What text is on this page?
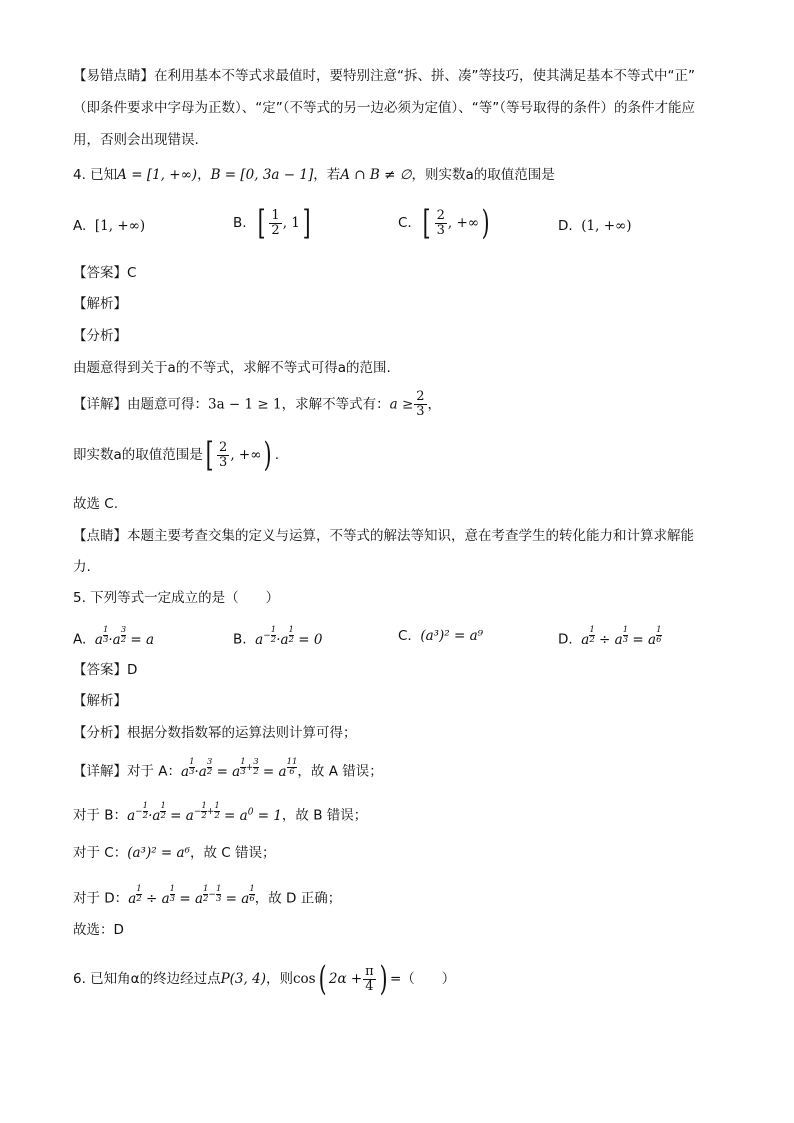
【易错点睛】在利用基本不等式求最值时，要特别注意“拆、拼、凑”等技巧，使其满足基本不等式中“正”
（即条件要求中字母为正数）、“定”（不等式的另一边必须为定值）、“等”（等号取得的条件）的条件才能应
用，否则会出现错误.
4. 已知A = [1, +∞)，B = [0, 3a − 1]，若A ∩ B ≠ ∅，则实数a的取值范围是
A. [1, +∞)	B. [ $\frac{1}{2}$ , 1]	C. [ $\frac{2}{3}$ , +∞)	D. (1, +∞)
【答案】C
【解析】
【分析】
由题意得到关于a的不等式，求解不等式可得a的范围.
【详解】由题意可得：3a − 1 ≥ 1，求解不等式有：$a \ge \frac{2}{3}$ ，
即实数a的取值范围是[ $\frac{2}{3}$ , +∞) .
故选 C.
【点睛】本题主要考查交集的定义与运算，不等式的解法等知识，意在考查学生的转化能力和计算求解能
力.
5. 下列等式一定成立的是（　　）
A. a $^{\frac{1}{3}}$ ·a $^{\frac{3}{2}}$ = a	B. $a^{- \frac{1}{2}} \cdot a$ $^{\frac{1}{2}}$ = 0	C. (a³)² = a⁹	D. a $^{\frac{1}{2}}$ ÷ a $^{\frac{1}{3}}$ = a $^{\frac{1}{6}}$
【答案】D
【解析】
【分析】根据分数指数幂的运算法则计算可得；
【详解】对于 A：a $^{\frac{1}{3}}$ ·a $^{\frac{3}{2}}$ = a $^{\frac{1}{3} + \frac{3}{2}}$ = a $^{\frac{11}{6}}$ ，故 A 错误；
对于 B：$a^{- \frac{1}{2}} \cdot a$ $^{\frac{1}{2}} = a^{- \frac{1}{2} + \frac{1}{2}} = a^0 = 1$，故 B 错误；
对于 C：(a³)² = a⁶，故 C 错误；
对于 D：a $^{\frac{1}{2}}$ ÷ a $^{\frac{1}{3}}$ = a $^{\frac{1}{2} - \frac{1}{3}}$ = a $^{\frac{1}{6}}$ ，故 D 正确；
故选：D
6. 已知角α的终边经过点P(3, 4)，则cos( $2\alpha + \frac{\pi}{4}$ ) =（　　）
